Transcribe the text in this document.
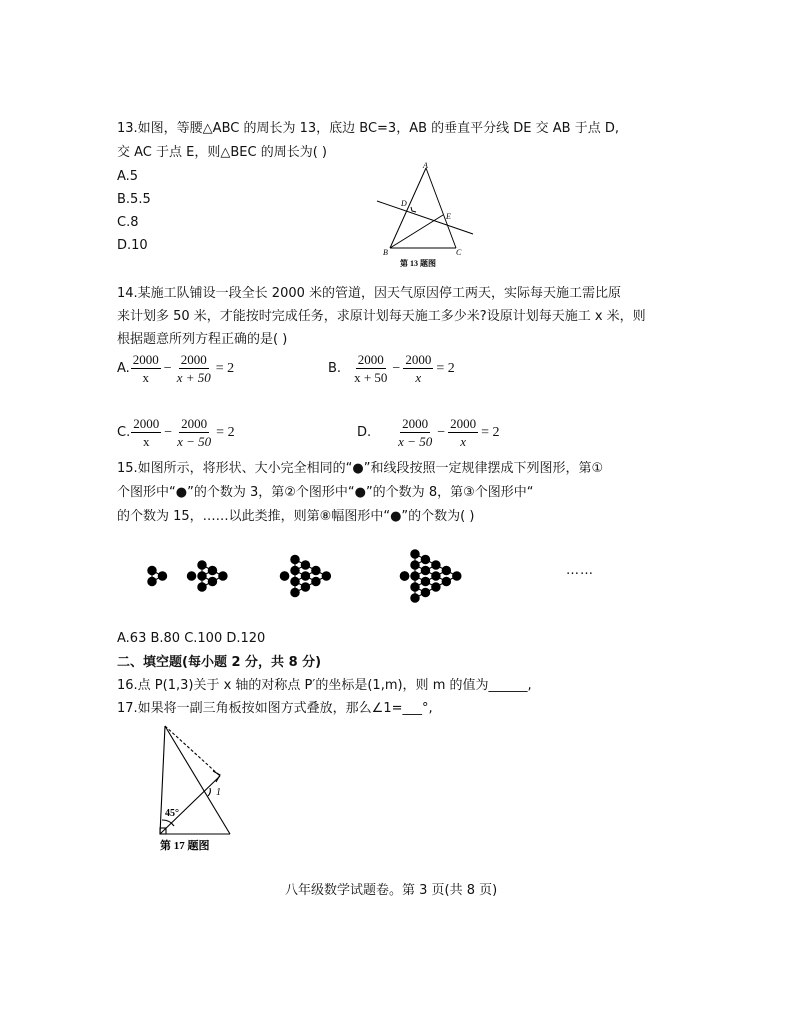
13.如图，等腰△ABC 的周长为 13，底边 BC=3，AB 的垂直平分线 DE 交 AB 于点 D,
交 AC 于点 E，则△BEC 的周长为( )
A.5
B.5.5
C.8
D.10
A
B	C
D
E
第 13 题图
14.某施工队铺设一段全长 2000 米的管道，因天气原因停工两天，实际每天施工需比原
来计划多 50 米，才能按时完成任务，求原计划每天施工多少米?设原计划每天施工 x 米，则
根据题意所列方程正确的是( )
A. $\frac{2000}{x} - \frac{2000}{x + 50} = 2$	B. $\frac{2000}{x + 50} - \frac{2000}{x} = 2$
C. $\frac{2000}{x} - \frac{2000}{x - 50} = 2$	D. $\frac{2000}{x - 50} - \frac{2000}{x} = 2$
15.如图所示，将形状、大小完全相同的“●”和线段按照一定规律摆成下列图形，第①
个图形中“●”的个数为 3，第②个图形中“●”的个数为 8，第③个图形中“
的个数为 15，……以此类推，则第⑧幅图形中“●”的个数为( )
……
A.63 B.80 C.100 D.120
二、填空题(每小题 2 分，共 8 分)
16.点 P(1,3)关于 x 轴的对称点 P′的坐标是(1,m)，则 m 的值为______,
17.如果将一副三角板按如图方式叠放，那么∠1=___°,
45°
1
第 17 题图
八年级数学试题卷。第 3 页(共 8 页)
